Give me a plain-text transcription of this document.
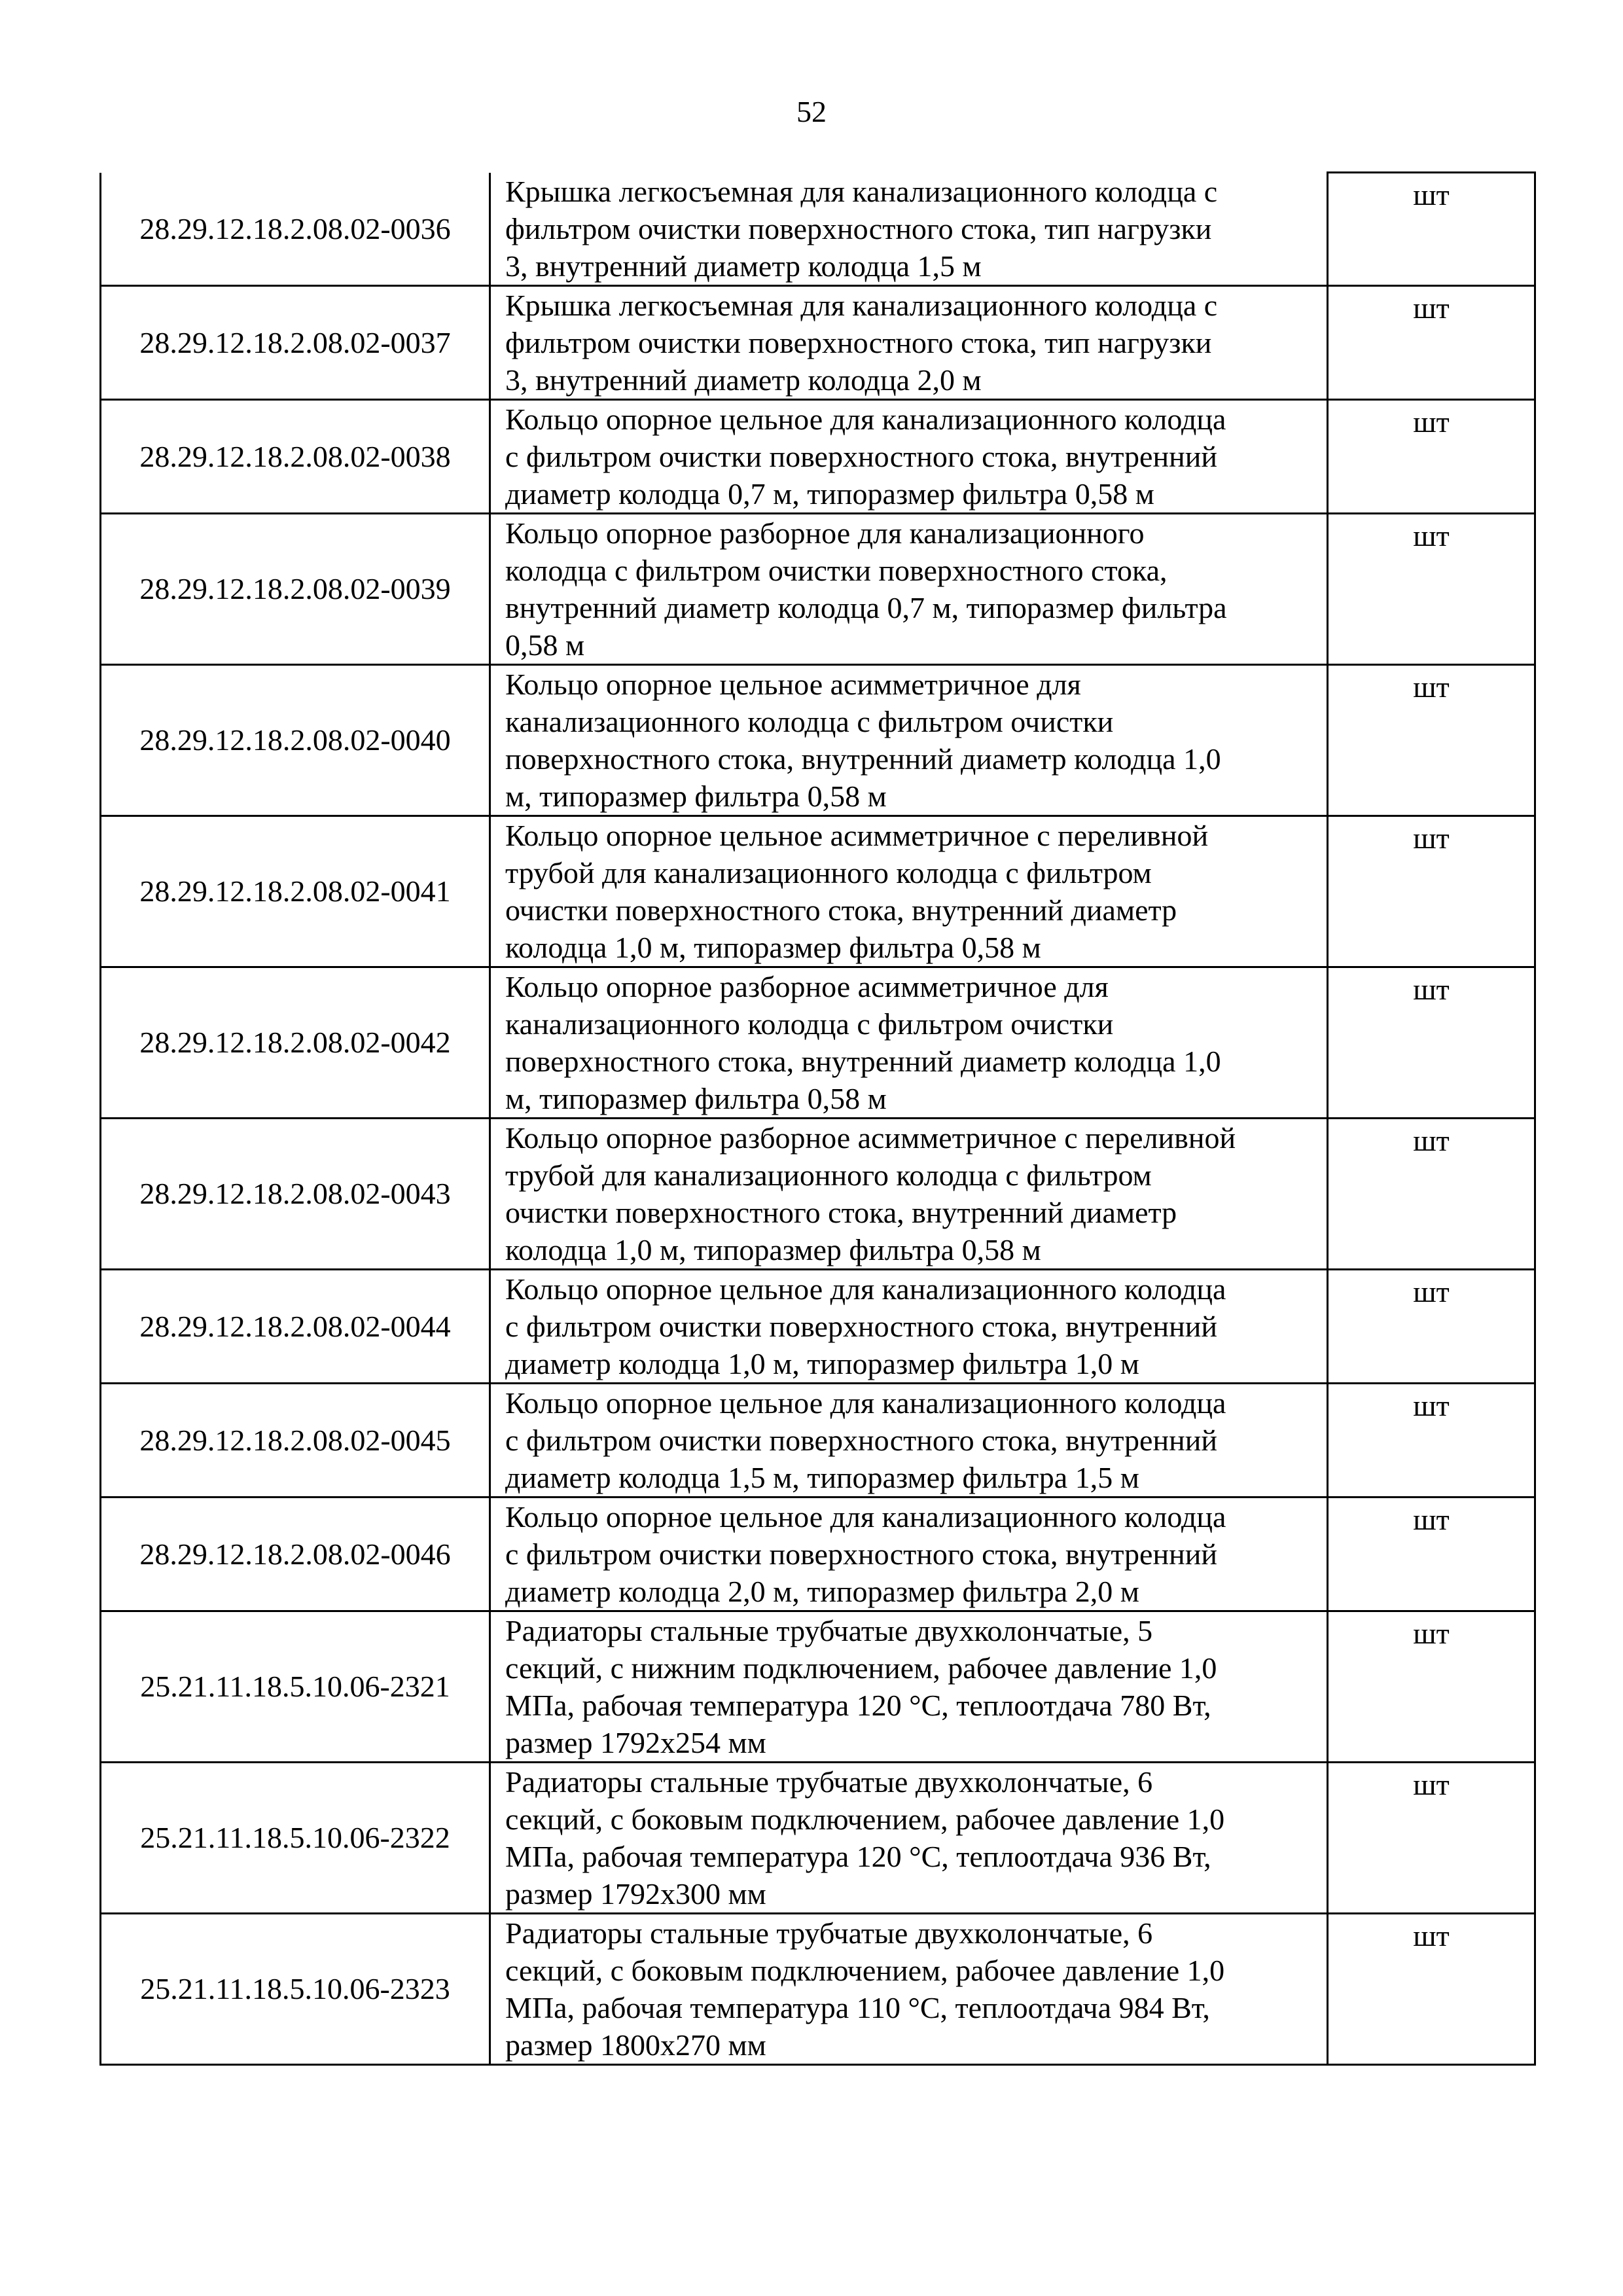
52
28.29.12.18.2.08.02-0036	Крышка легкосъемная для канализационного колодца с
фильтром очистки поверхностного стока, тип нагрузки
3, внутренний диаметр колодца 1,5 м	шт
28.29.12.18.2.08.02-0037	Крышка легкосъемная для канализационного колодца с
фильтром очистки поверхностного стока, тип нагрузки
3, внутренний диаметр колодца 2,0 м	шт
28.29.12.18.2.08.02-0038	Кольцо опорное цельное для канализационного колодца
с фильтром очистки поверхностного стока, внутренний
диаметр колодца 0,7 м, типоразмер фильтра 0,58 м	шт
28.29.12.18.2.08.02-0039	Кольцо опорное разборное для канализационного
колодца с фильтром очистки поверхностного стока,
внутренний диаметр колодца 0,7 м, типоразмер фильтра
0,58 м	шт
28.29.12.18.2.08.02-0040	Кольцо опорное цельное асимметричное для
канализационного колодца с фильтром очистки
поверхностного стока, внутренний диаметр колодца 1,0
м, типоразмер фильтра 0,58 м	шт
28.29.12.18.2.08.02-0041	Кольцо опорное цельное асимметричное с переливной
трубой для канализационного колодца с фильтром
очистки поверхностного стока, внутренний диаметр
колодца 1,0 м, типоразмер фильтра 0,58 м	шт
28.29.12.18.2.08.02-0042	Кольцо опорное разборное асимметричное для
канализационного колодца с фильтром очистки
поверхностного стока, внутренний диаметр колодца 1,0
м, типоразмер фильтра 0,58 м	шт
28.29.12.18.2.08.02-0043	Кольцо опорное разборное асимметричное с переливной
трубой для канализационного колодца с фильтром
очистки поверхностного стока, внутренний диаметр
колодца 1,0 м, типоразмер фильтра 0,58 м	шт
28.29.12.18.2.08.02-0044	Кольцо опорное цельное для канализационного колодца
с фильтром очистки поверхностного стока, внутренний
диаметр колодца 1,0 м, типоразмер фильтра 1,0 м	шт
28.29.12.18.2.08.02-0045	Кольцо опорное цельное для канализационного колодца
с фильтром очистки поверхностного стока, внутренний
диаметр колодца 1,5 м, типоразмер фильтра 1,5 м	шт
28.29.12.18.2.08.02-0046	Кольцо опорное цельное для канализационного колодца
с фильтром очистки поверхностного стока, внутренний
диаметр колодца 2,0 м, типоразмер фильтра 2,0 м	шт
25.21.11.18.5.10.06-2321	Радиаторы стальные трубчатые двухколончатые, 5
секций, с нижним подключением, рабочее давление 1,0
МПа, рабочая температура 120 °С, теплоотдача 780 Вт,
размер 1792х254 мм	шт
25.21.11.18.5.10.06-2322	Радиаторы стальные трубчатые двухколончатые, 6
секций, с боковым подключением, рабочее давление 1,0
МПа, рабочая температура 120 °С, теплоотдача 936 Вт,
размер 1792х300 мм	шт
25.21.11.18.5.10.06-2323	Радиаторы стальные трубчатые двухколончатые, 6
секций, с боковым подключением, рабочее давление 1,0
МПа, рабочая температура 110 °С, теплоотдача 984 Вт,
размер 1800х270 мм	шт
